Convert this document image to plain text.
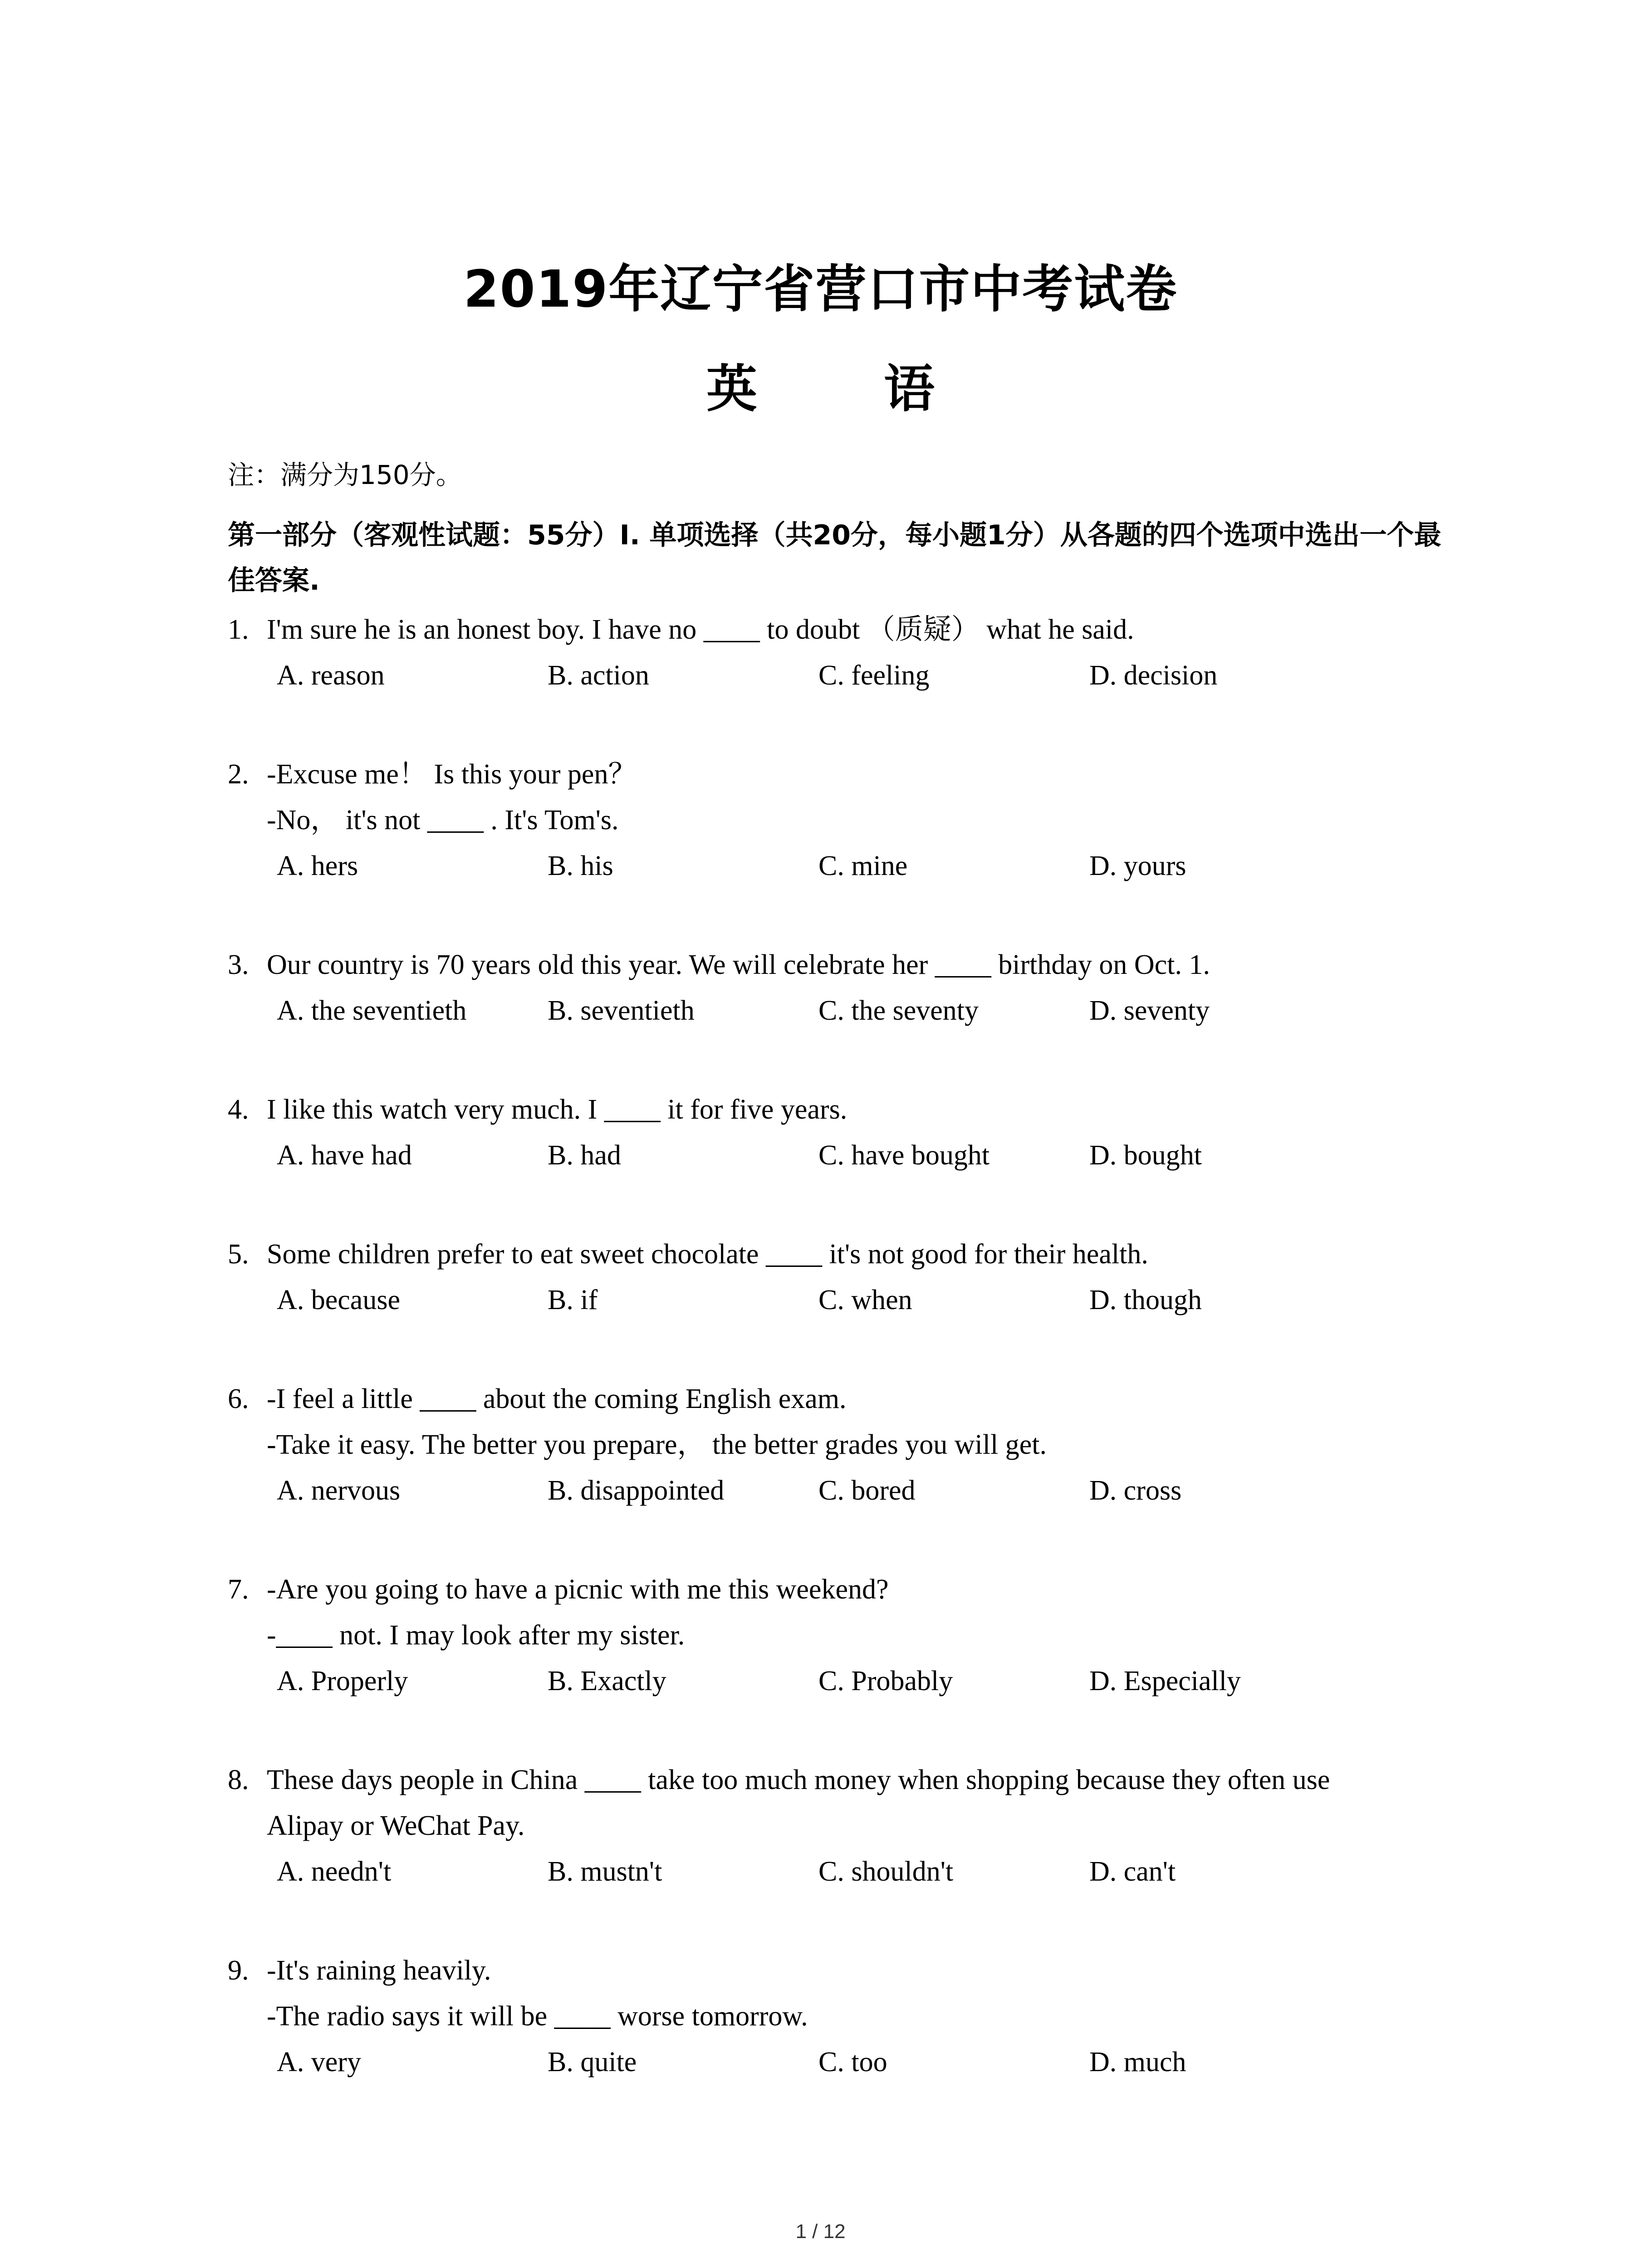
2019年辽宁省营口市中考试卷
英 语
注：满分为150分。
第一部分（客观性试题：55分）Ⅰ. 单项选择（共20分，每小题1分）从各题的四个选项中选出一个最佳答案.
1. I'm sure he is an honest boy. I have no ____ to doubt （质疑） what he said.
A. reason	B. action	C. feeling	D. decision
2. -Excuse me！ Is this your pen？
-No， it's not ____ . It's Tom's.
A. hers	B. his	C. mine	D. yours
3. Our country is 70 years old this year. We will celebrate her ____ birthday on Oct. 1.
A. the seventieth	B. seventieth	C. the seventy	D. seventy
4. I like this watch very much. I ____ it for five years.
A. have had	B. had	C. have bought	D. bought
5. Some children prefer to eat sweet chocolate ____ it's not good for their health.
A. because	B. if	C. when	D. though
6. -I feel a little ____ about the coming English exam.
-Take it easy. The better you prepare， the better grades you will get.
A. nervous	B. disappointed	C. bored	D. cross
7. -Are you going to have a picnic with me this weekend?
-____ not. I may look after my sister.
A. Properly	B. Exactly	C. Probably	D. Especially
8. These days people in China ____ take too much money when shopping because they often use
Alipay or WeChat Pay.
A. needn't	B. mustn't	C. shouldn't	D. can't
9. -It's raining heavily.
-The radio says it will be ____ worse tomorrow.
A. very	B. quite	C. too	D. much
1 / 12
